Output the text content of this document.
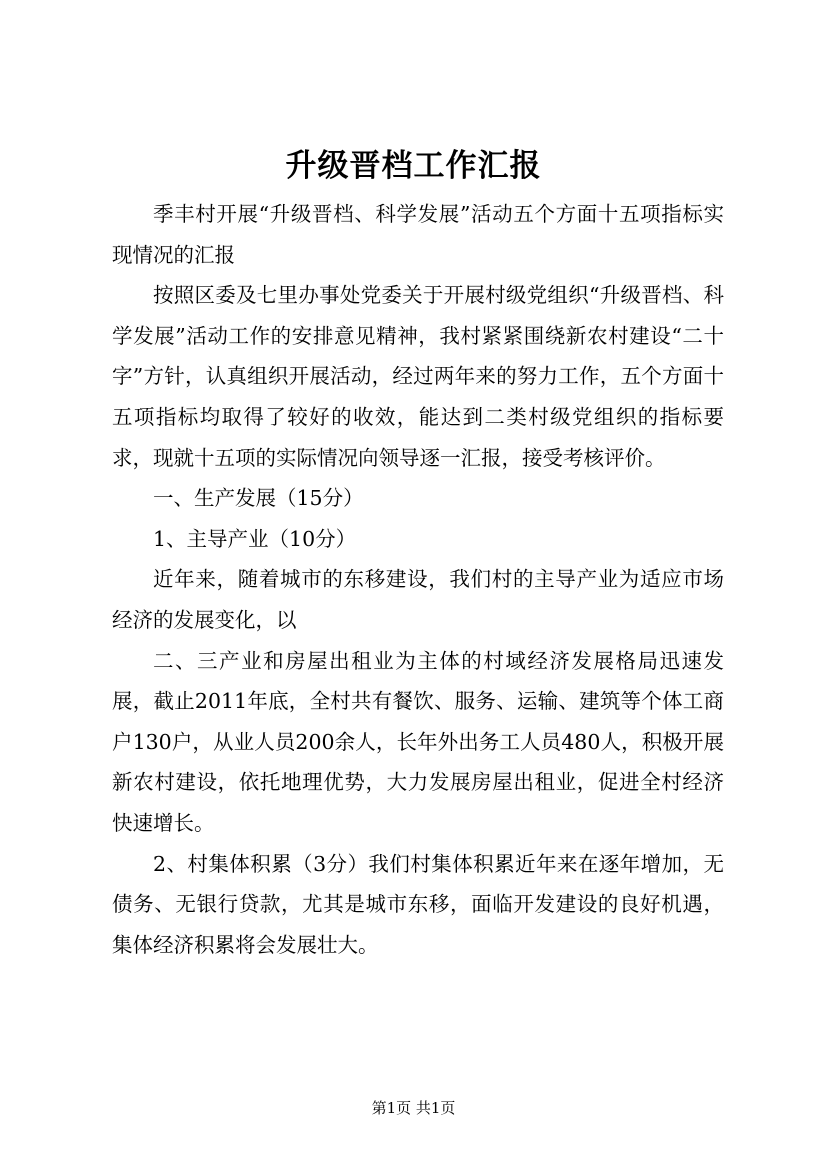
升级晋档工作汇报

季丰村开展“升级晋档、科学发展”活动五个方面十五项指标实现情况的汇报

按照区委及七里办事处党委关于开展村级党组织“升级晋档、科学发展”活动工作的安排意见精神，我村紧紧围绕新农村建设“二十字”方针，认真组织开展活动，经过两年来的努力工作，五个方面十五项指标均取得了较好的收效，能达到二类村级党组织的指标要求，现就十五项的实际情况向领导逐一汇报，接受考核评价。

一、生产发展（15分）

1、主导产业（10分）

近年来，随着城市的东移建设，我们村的主导产业为适应市场经济的发展变化，以

二、三产业和房屋出租业为主体的村域经济发展格局迅速发展，截止2011年底，全村共有餐饮、服务、运输、建筑等个体工商户130户，从业人员200余人，长年外出务工人员480人，积极开展新农村建设，依托地理优势，大力发展房屋出租业，促进全村经济快速增长。

2、村集体积累（3分）我们村集体积累近年来在逐年增加，无债务、无银行贷款，尤其是城市东移，面临开发建设的良好机遇，集体经济积累将会发展壮大。

第1页 共1页
